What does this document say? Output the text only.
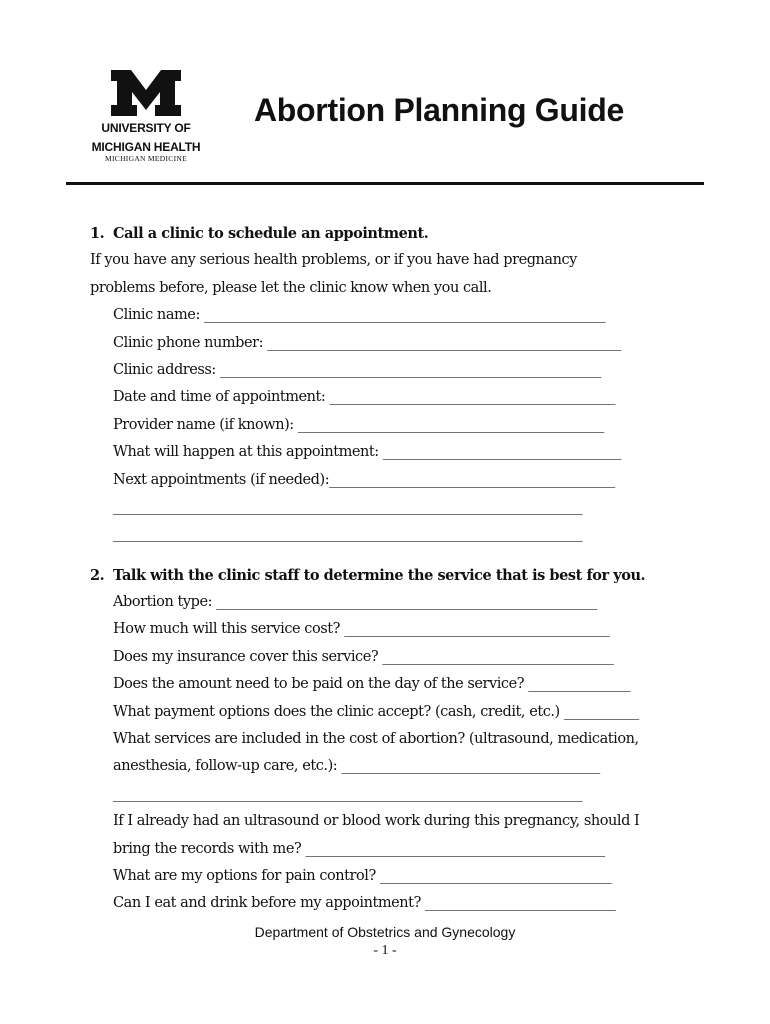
UNIVERSITY OF
MICHIGAN HEALTH
MICHIGAN MEDICINE
Abortion Planning Guide
1. Call a clinic to schedule an appointment.
If you have any serious health problems, or if you have had pregnancy
problems before, please let the clinic know when you call.
Clinic name: ___________________________________________________________
Clinic phone number: ____________________________________________________
Clinic address: ________________________________________________________
Date and time of appointment: __________________________________________
Provider name (if known): _____________________________________________
What will happen at this appointment: ___________________________________
Next appointments (if needed):__________________________________________
_____________________________________________________________________
_____________________________________________________________________
2. Talk with the clinic staff to determine the service that is best for you.
Abortion type: ________________________________________________________
How much will this service cost? _______________________________________
Does my insurance cover this service? __________________________________
Does the amount need to be paid on the day of the service? _______________
What payment options does the clinic accept? (cash, credit, etc.) ___________
What services are included in the cost of abortion? (ultrasound, medication,
anesthesia, follow-up care, etc.): ______________________________________
_____________________________________________________________________
If I already had an ultrasound or blood work during this pregnancy, should I
bring the records with me? ____________________________________________
What are my options for pain control? __________________________________
Can I eat and drink before my appointment? ____________________________
Department of Obstetrics and Gynecology
- 1 -
